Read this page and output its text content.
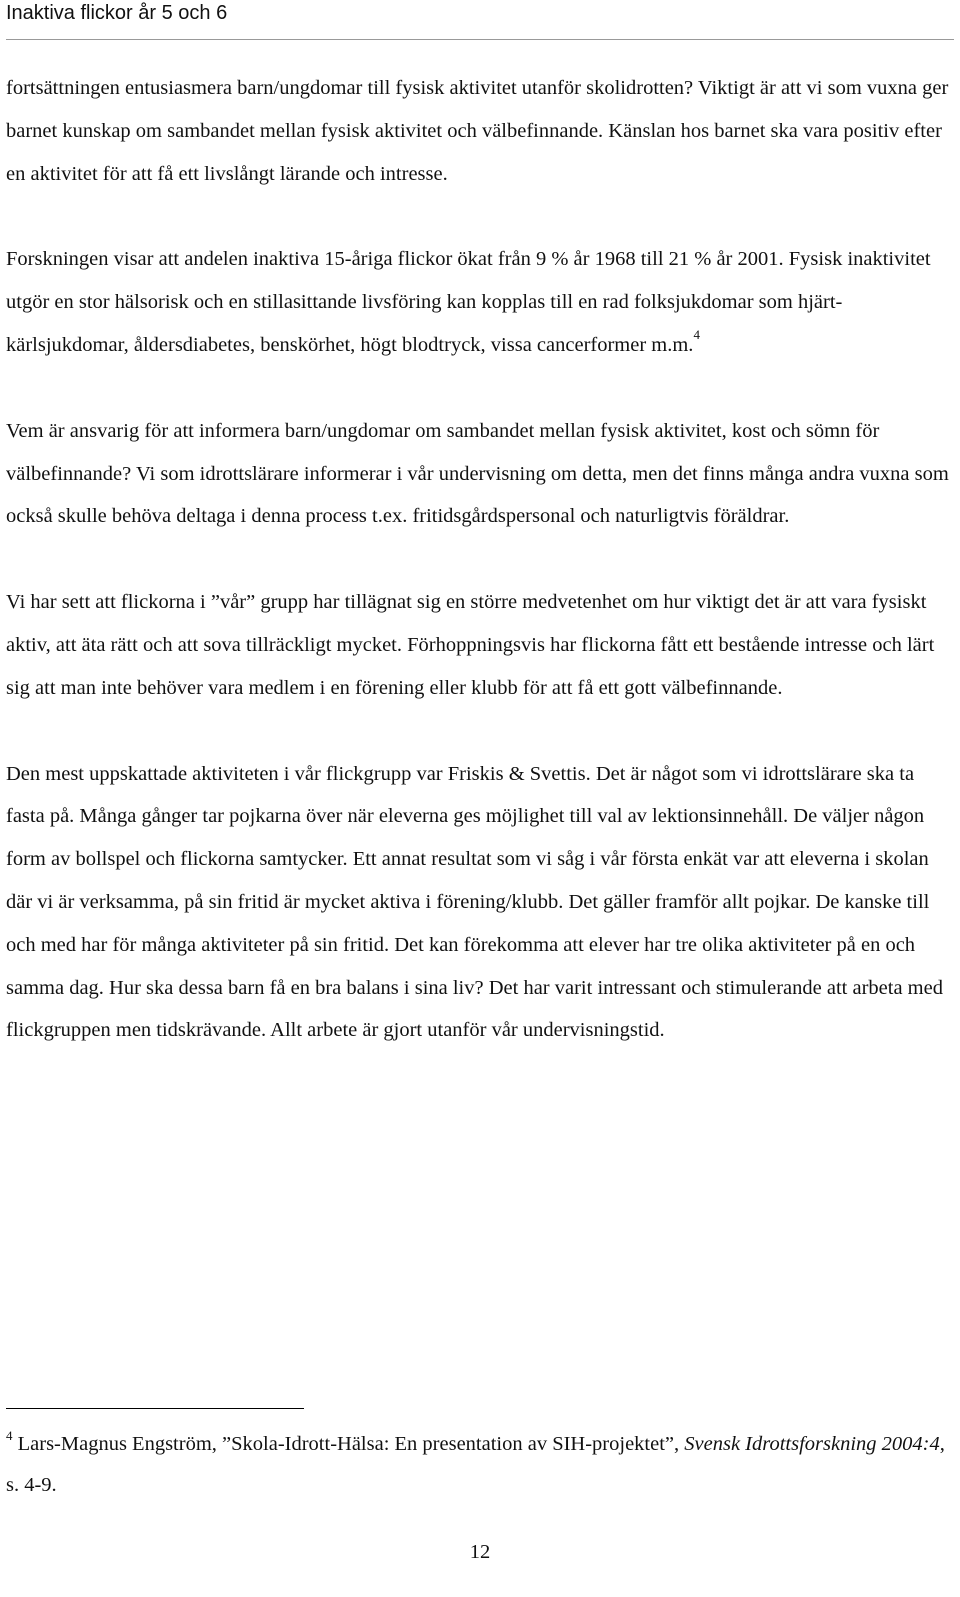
Inaktiva flickor år 5 och 6

fortsättningen entusiasmera barn/ungdomar till fysisk aktivitet utanför skolidrotten? Viktigt är att vi som vuxna ger barnet kunskap om sambandet mellan fysisk aktivitet och välbefinnande. Känslan hos barnet ska vara positiv efter en aktivitet för att få ett livslångt lärande och intresse.

Forskningen visar att andelen inaktiva 15-åriga flickor ökat från 9 % år 1968 till 21 % år 2001. Fysisk inaktivitet utgör en stor hälsorisk och en stillasittande livsföring kan kopplas till en rad folksjukdomar som hjärt-kärlsjukdomar, åldersdiabetes, benskörhet, högt blodtryck, vissa cancerformer m.m.$^4$

Vem är ansvarig för att informera barn/ungdomar om sambandet mellan fysisk aktivitet, kost och sömn för välbefinnande? Vi som idrottslärare informerar i vår undervisning om detta, men det finns många andra vuxna som också skulle behöva deltaga i denna process t.ex. fritidsgårdspersonal och naturligtvis föräldrar.

Vi har sett att flickorna i ”vår” grupp har tillägnat sig en större medvetenhet om hur viktigt det är att vara fysiskt aktiv, att äta rätt och att sova tillräckligt mycket. Förhoppningsvis har flickorna fått ett bestående intresse och lärt sig att man inte behöver vara medlem i en förening eller klubb för att få ett gott välbefinnande.

Den mest uppskattade aktiviteten i vår flickgrupp var Friskis & Svettis. Det är något som vi idrottslärare ska ta fasta på. Många gånger tar pojkarna över när eleverna ges möjlighet till val av lektionsinnehåll. De väljer någon form av bollspel och flickorna samtycker. Ett annat resultat som vi såg i vår första enkät var att eleverna i skolan där vi är verksamma, på sin fritid är mycket aktiva i förening/klubb. Det gäller framför allt pojkar. De kanske till och med har för många aktiviteter på sin fritid. Det kan förekomma att elever har tre olika aktiviteter på en och samma dag. Hur ska dessa barn få en bra balans i sina liv? Det har varit intressant och stimulerande att arbeta med flickgruppen men tidskrävande. Allt arbete är gjort utanför vår undervisningstid.

$^4$ Lars-Magnus Engström, ”Skola-Idrott-Hälsa: En presentation av SIH-projektet”, Svensk Idrottsforskning 2004:4, s. 4-9.

12
